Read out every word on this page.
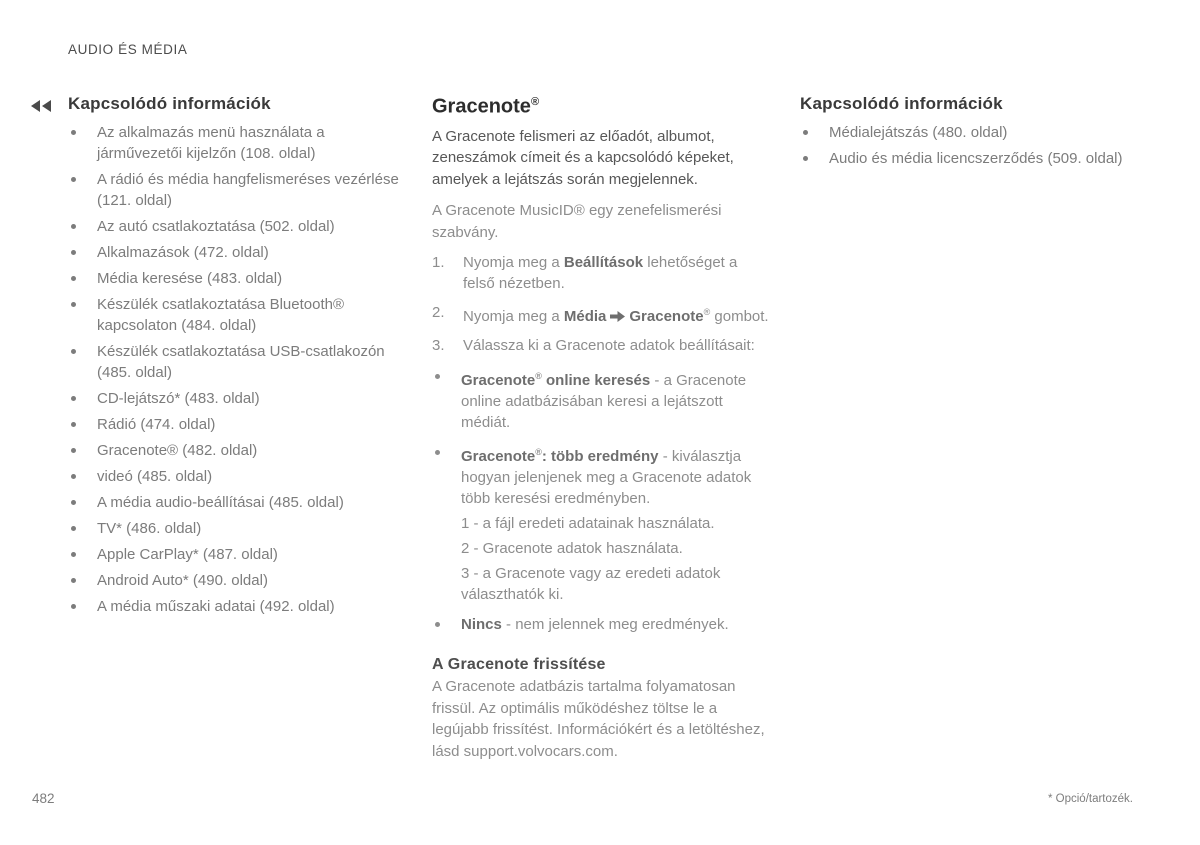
AUDIO ÉS MÉDIA
Kapcsolódó információk
Az alkalmazás menü használata a járművezetői kijelzőn (108. oldal)
A rádió és média hangfelismeréses vezérlése (121. oldal)
Az autó csatlakoztatása (502. oldal)
Alkalmazások (472. oldal)
Média keresése (483. oldal)
Készülék csatlakoztatása Bluetooth® kapcsolaton (484. oldal)
Készülék csatlakoztatása USB-csatlakozón (485. oldal)
CD-lejátszó* (483. oldal)
Rádió (474. oldal)
Gracenote® (482. oldal)
videó (485. oldal)
A média audio-beállításai (485. oldal)
TV* (486. oldal)
Apple CarPlay* (487. oldal)
Android Auto* (490. oldal)
A média műszaki adatai (492. oldal)
Gracenote®

A Gracenote felismeri az előadót, albumot, zeneszámok címeit és a kapcsolódó képeket, amelyek a lejátszás során megjelennek.

A Gracenote MusicID® egy zenefelismerési szabvány.

1.	Nyomja meg a Beállítások lehetőséget a felső nézetben.

2.	Nyomja meg a Média Gracenote® gombot.

3.	Válassza ki a Gracenote adatok beállításait:

Gracenote® online keresés - a Gracenote online adatbázisában keresi a lejátszott médiát.

Gracenote®: több eredmény - kiválasztja hogyan jelenjenek meg a Gracenote adatok több keresési eredményben.

1 - a fájl eredeti adatainak használata.

2 - Gracenote adatok használata.

3 - a Gracenote vagy az eredeti adatok választhatók ki.

Nincs - nem jelennek meg eredmények.

A Gracenote frissítése

A Gracenote adatbázis tartalma folyamatosan frissül. Az optimális működéshez töltse le a legújabb frissítést. Információkért és a letöltéshez, lásd support.volvocars.com.

Kapcsolódó információk
Médialejátszás (480. oldal)
Audio és média licencszerződés (509. oldal)
482	* Opció/tartozék.
